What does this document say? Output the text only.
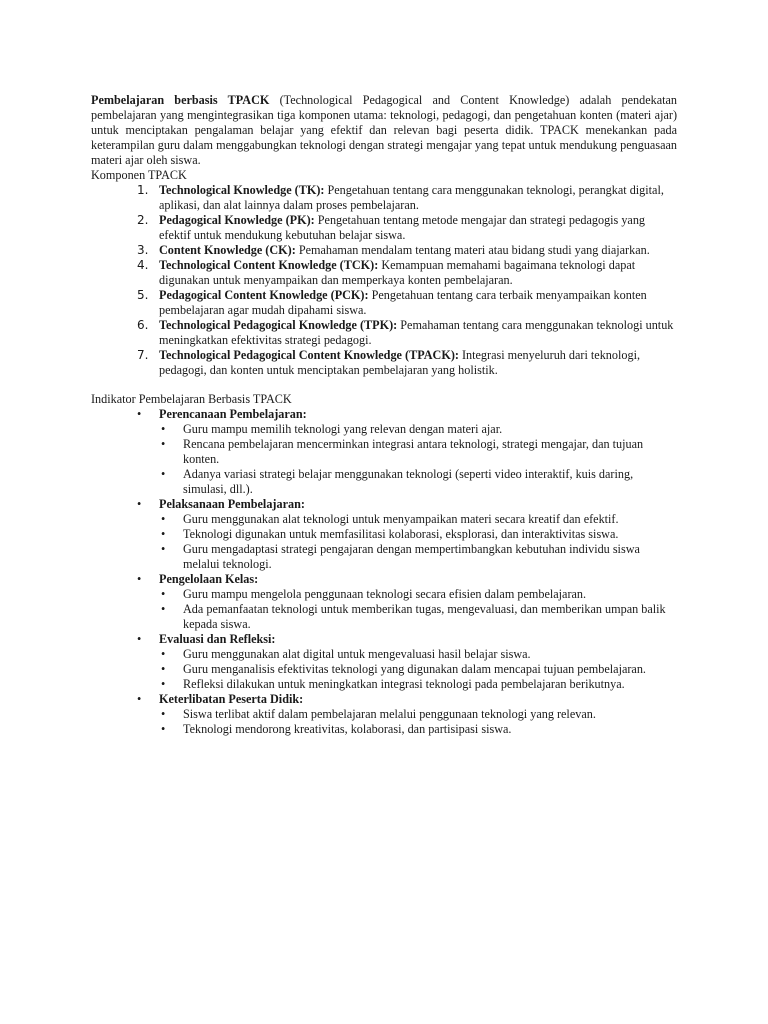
Pembelajaran berbasis TPACK (Technological Pedagogical and Content Knowledge) adalah pendekatan pembelajaran yang mengintegrasikan tiga komponen utama: teknologi, pedagogi, dan pengetahuan konten (materi ajar) untuk menciptakan pengalaman belajar yang efektif dan relevan bagi peserta didik. TPACK menekankan pada keterampilan guru dalam menggabungkan teknologi dengan strategi mengajar yang tepat untuk mendukung penguasaan materi ajar oleh siswa.

Komponen TPACK

1. Technological Knowledge (TK): Pengetahuan tentang cara menggunakan teknologi, perangkat digital, aplikasi, dan alat lainnya dalam proses pembelajaran.
2. Pedagogical Knowledge (PK): Pengetahuan tentang metode mengajar dan strategi pedagogis yang efektif untuk mendukung kebutuhan belajar siswa.
3. Content Knowledge (CK): Pemahaman mendalam tentang materi atau bidang studi yang diajarkan.
4. Technological Content Knowledge (TCK): Kemampuan memahami bagaimana teknologi dapat digunakan untuk menyampaikan dan memperkaya konten pembelajaran.
5. Pedagogical Content Knowledge (PCK): Pengetahuan tentang cara terbaik menyampaikan konten pembelajaran agar mudah dipahami siswa.
6. Technological Pedagogical Knowledge (TPK): Pemahaman tentang cara menggunakan teknologi untuk meningkatkan efektivitas strategi pedagogi.
7. Technological Pedagogical Content Knowledge (TPACK): Integrasi menyeluruh dari teknologi, pedagogi, dan konten untuk menciptakan pembelajaran yang holistik.

Indikator Pembelajaran Berbasis TPACK

• Perencanaan Pembelajaran:
• Guru mampu memilih teknologi yang relevan dengan materi ajar.
• Rencana pembelajaran mencerminkan integrasi antara teknologi, strategi mengajar, dan tujuan konten.
• Adanya variasi strategi belajar menggunakan teknologi (seperti video interaktif, kuis daring, simulasi, dll.).
• Pelaksanaan Pembelajaran:
• Guru menggunakan alat teknologi untuk menyampaikan materi secara kreatif dan efektif.
• Teknologi digunakan untuk memfasilitasi kolaborasi, eksplorasi, dan interaktivitas siswa.
• Guru mengadaptasi strategi pengajaran dengan mempertimbangkan kebutuhan individu siswa melalui teknologi.
• Pengelolaan Kelas:
• Guru mampu mengelola penggunaan teknologi secara efisien dalam pembelajaran.
• Ada pemanfaatan teknologi untuk memberikan tugas, mengevaluasi, dan memberikan umpan balik kepada siswa.
• Evaluasi dan Refleksi:
• Guru menggunakan alat digital untuk mengevaluasi hasil belajar siswa.
• Guru menganalisis efektivitas teknologi yang digunakan dalam mencapai tujuan pembelajaran.
• Refleksi dilakukan untuk meningkatkan integrasi teknologi pada pembelajaran berikutnya.
• Keterlibatan Peserta Didik:
• Siswa terlibat aktif dalam pembelajaran melalui penggunaan teknologi yang relevan.
• Teknologi mendorong kreativitas, kolaborasi, dan partisipasi siswa.
